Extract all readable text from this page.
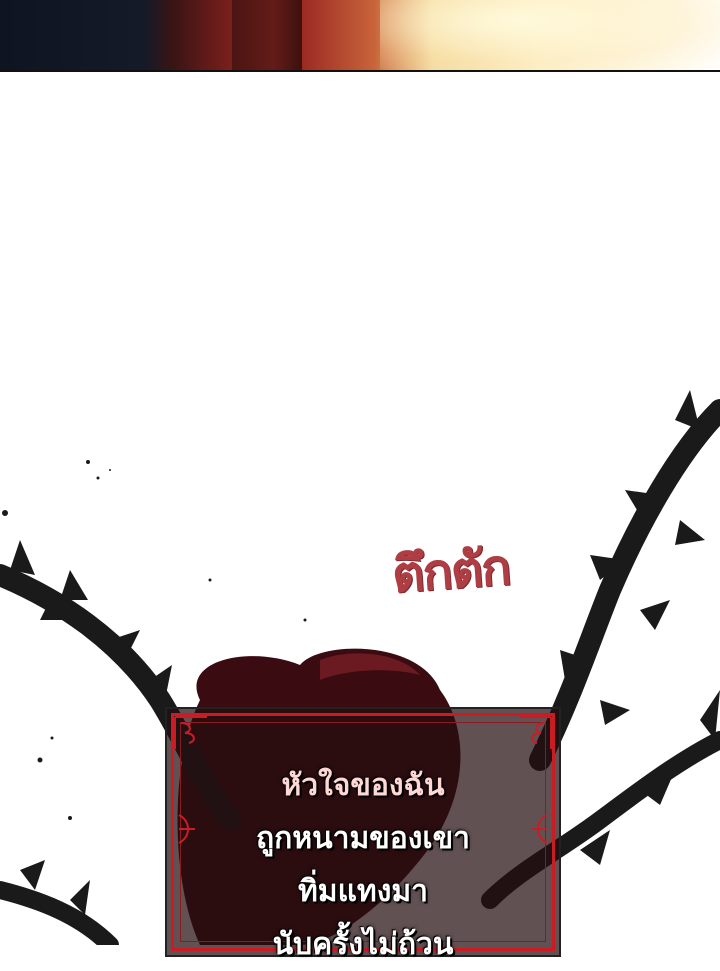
ตึกตัก
หัวใจของฉัน
ถูกหนามของเขา
ทิ่มแทงมา
นับครั้งไม่ถ้วน
